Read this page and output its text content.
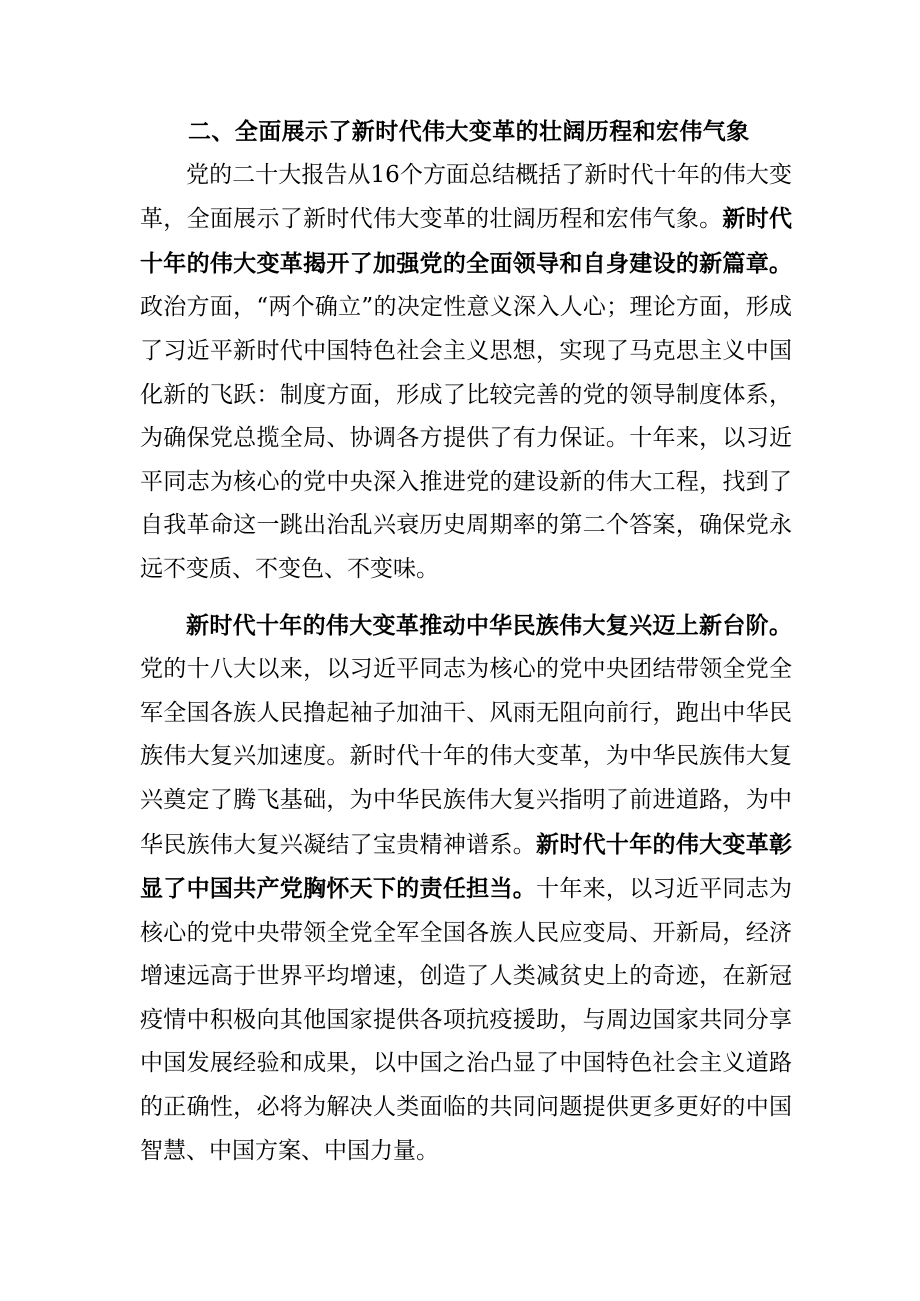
二、全面展示了新时代伟大变革的壮阔历程和宏伟气象

党的二十大报告从16个方面总结概括了新时代十年的伟大变革，全面展示了新时代伟大变革的壮阔历程和宏伟气象。新时代十年的伟大变革揭开了加强党的全面领导和自身建设的新篇章。政治方面，“两个确立”的决定性意义深入人心；理论方面，形成了习近平新时代中国特色社会主义思想，实现了马克思主义中国化新的飞跃：制度方面，形成了比较完善的党的领导制度体系，为确保党总揽全局、协调各方提供了有力保证。十年来，以习近平同志为核心的党中央深入推进党的建设新的伟大工程，找到了自我革命这一跳出治乱兴衰历史周期率的第二个答案，确保党永远不变质、不变色、不变味。

新时代十年的伟大变革推动中华民族伟大复兴迈上新台阶。党的十八大以来，以习近平同志为核心的党中央团结带领全党全军全国各族人民撸起袖子加油干、风雨无阻向前行，跑出中华民族伟大复兴加速度。新时代十年的伟大变革，为中华民族伟大复兴奠定了腾飞基础，为中华民族伟大复兴指明了前进道路，为中华民族伟大复兴凝结了宝贵精神谱系。新时代十年的伟大变革彰显了中国共产党胸怀天下的责任担当。十年来，以习近平同志为核心的党中央带领全党全军全国各族人民应变局、开新局，经济增速远高于世界平均增速，创造了人类减贫史上的奇迹，在新冠疫情中积极向其他国家提供各项抗疫援助，与周边国家共同分享中国发展经验和成果，以中国之治凸显了中国特色社会主义道路的正确性，必将为解决人类面临的共同问题提供更多更好的中国智慧、中国方案、中国力量。
